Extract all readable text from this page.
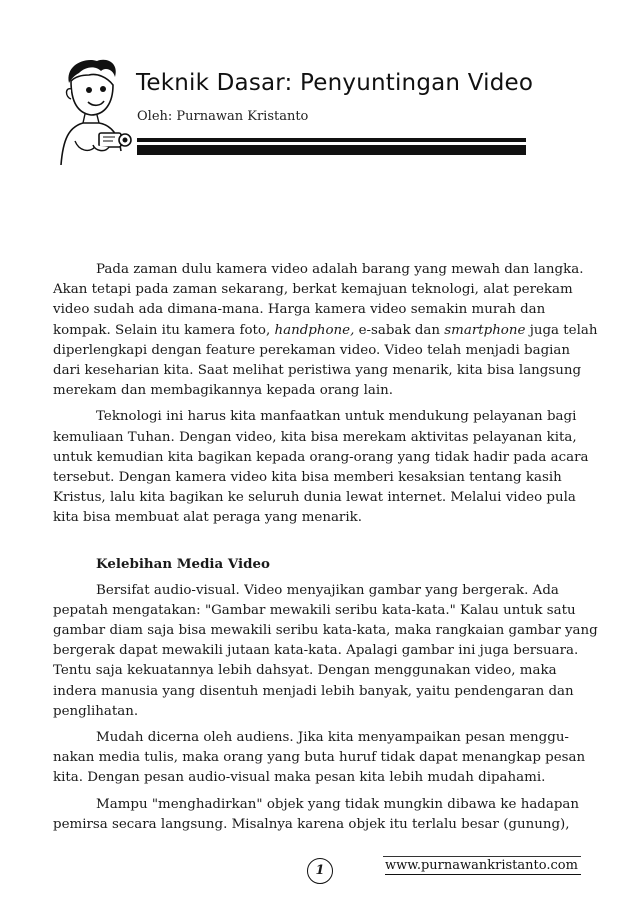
Teknik Dasar: Penyuntingan Video
Oleh: Purnawan Kristanto
Pada zaman dulu kamera video adalah barang yang mewah dan langka.
Akan tetapi pada zaman sekarang, berkat kemajuan teknologi, alat perekam
video sudah ada dimana-mana. Harga kamera video semakin murah dan
kompak. Selain itu kamera foto, handphone, e-sabak dan smartphone juga telah
diperlengkapi dengan feature perekaman video. Video telah menjadi bagian
dari keseharian kita. Saat melihat peristiwa yang menarik, kita bisa langsung
merekam dan membagikannya kepada orang lain.
Teknologi ini harus kita manfaatkan untuk mendukung pelayanan bagi
kemuliaan Tuhan. Dengan video, kita bisa merekam aktivitas pelayanan kita,
untuk kemudian kita bagikan kepada orang-orang yang tidak hadir pada acara
tersebut. Dengan kamera video kita bisa memberi kesaksian tentang kasih
Kristus, lalu kita bagikan ke seluruh dunia lewat internet. Melalui video pula
kita bisa membuat alat peraga yang menarik.
Kelebihan Media Video
Bersifat audio-visual. Video menyajikan gambar yang bergerak. Ada
pepatah mengatakan: "Gambar mewakili seribu kata-kata." Kalau untuk satu
gambar diam saja bisa mewakili seribu kata-kata, maka rangkaian gambar yang
bergerak dapat mewakili jutaan kata-kata. Apalagi gambar ini juga bersuara.
Tentu saja kekuatannya lebih dahsyat. Dengan menggunakan video, maka
indera manusia yang disentuh menjadi lebih banyak, yaitu pendengaran dan
penglihatan.
Mudah dicerna oleh audiens. Jika kita menyampaikan pesan menggu-
nakan media tulis, maka orang yang buta huruf tidak dapat menangkap pesan
kita. Dengan pesan audio-visual maka pesan kita lebih mudah dipahami.
Mampu "menghadirkan" objek yang tidak mungkin dibawa ke hadapan
pemirsa secara langsung. Misalnya karena objek itu terlalu besar (gunung),
1	www.purnawankristanto.com
